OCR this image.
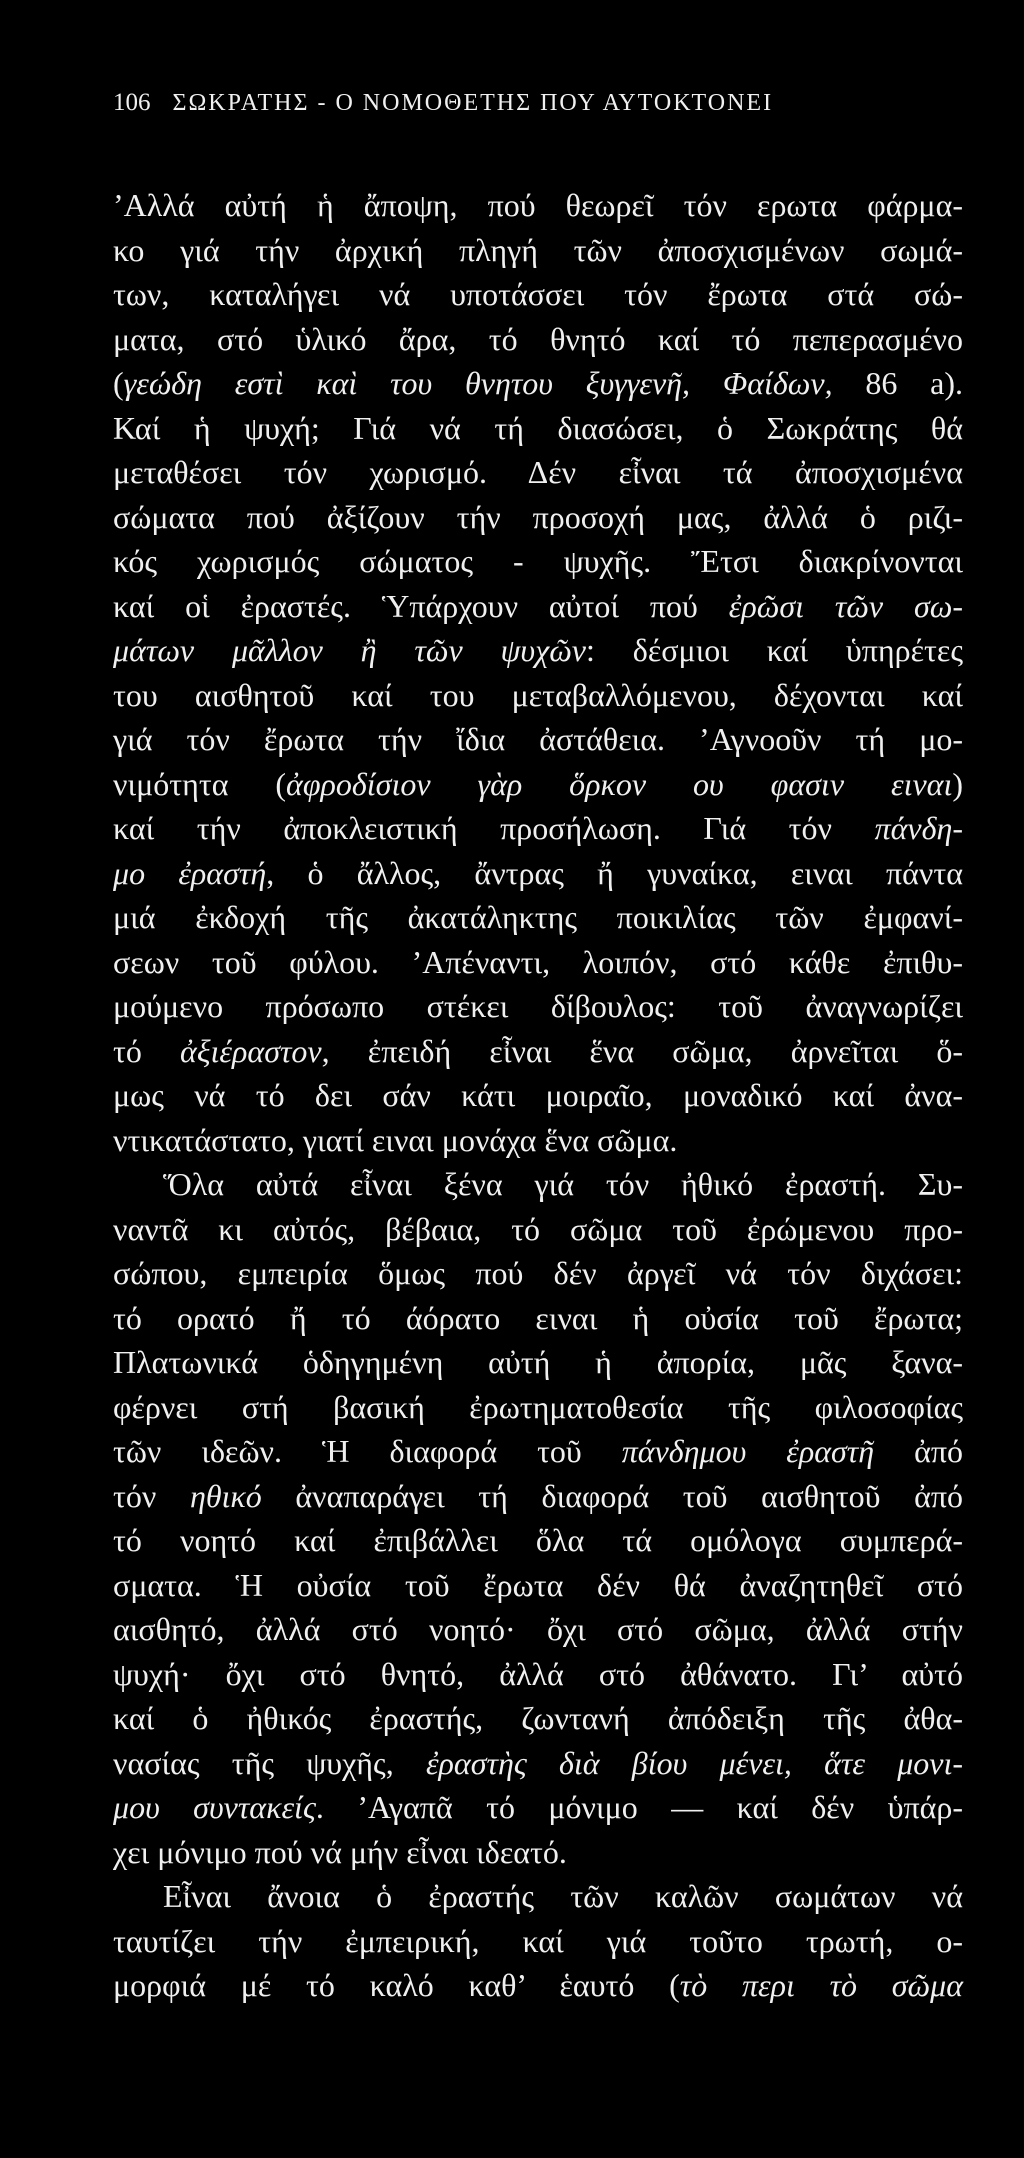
106 ΣΩΚΡΑΤΗΣ - Ο ΝΟΜΟΘΕΤΗΣ ΠΟΥ ΑΥΤΟΚΤΟΝΕΙ
’Αλλά αὐτή ἡ ἄποψη, πού θεωρεῖ τόν ερωτα φάρμα-
κο γιά τήν ἀρχική πληγή τῶν ἀποσχισμένων σωμά-
των, καταλήγει νά υποτάσσει τόν ἔρωτα στά σώ-
ματα, στό ὑλικό ἄρα, τό θνητό καί τό πεπερασμένο
(γεώδη εστὶ καὶ του θνητου ξυγγενῆ, Φαίδων, 86 a).
Καί ἡ ψυχή; Γιά νά τή διασώσει, ὁ Σωκράτης θά
μεταθέσει τόν χωρισμό. Δέν εἶναι τά ἀποσχισμένα
σώματα πού ἀξίζουν τήν προσοχή μας, ἀλλά ὁ ριζι-
κός χωρισμός σώματος - ψυχῆς. Ἔτσι διακρίνονται
καί οἱ ἐραστές. Ὑπάρχουν αὐτοί πού ἐρῶσι τῶν σω-
μάτων μᾶλλον ἢ τῶν ψυχῶν: δέσμιοι καί ὑπηρέτες
του αισθητοῦ καί του μεταβαλλόμενου, δέχονται καί
γιά τόν ἔρωτα τήν ἴδια ἀστάθεια. ’Αγνοοῦν τή μο-
νιμότητα (ἀφροδίσιον γὰρ ὅρκον ου φασιν ειναι)
καί τήν ἀποκλειστική προσήλωση. Γιά τόν πάνδη-
μο ἐραστή, ὁ ἄλλος, ἄντρας ἤ γυναίκα, ειναι πάντα
μιά ἐκδοχή τῆς ἀκατάληκτης ποικιλίας τῶν ἐμφανί-
σεων τοῦ φύλου. ’Απέναντι, λοιπόν, στό κάθε ἐπιθυ-
μούμενο πρόσωπο στέκει δίβουλος: τοῦ ἀναγνωρίζει
τό ἀξιέραστον, ἐπειδή εἶναι ἕνα σῶμα, ἀρνεῖται ὅ-
μως νά τό δει σάν κάτι μοιραῖο, μοναδικό καί ἀνα-
ντικατάστατο, γιατί ειναι μονάχα ἕνα σῶμα.
Ὅλα αὐτά εἶναι ξένα γιά τόν ἠθικό ἐραστή. Συ-
ναντᾶ κι αὐτός, βέβαια, τό σῶμα τοῦ ἐρώμενου προ-
σώπου, εμπειρία ὅμως πού δέν ἀργεῖ νά τόν διχάσει:
τό ορατό ἤ τό άόρατο ειναι ἡ οὐσία τοῦ ἔρωτα;
Πλατωνικά ὁδηγημένη αὐτή ἡ ἀπορία, μᾶς ξανα-
φέρνει στή βασική ἐρωτηματοθεσία τῆς φιλοσοφίας
τῶν ιδεῶν. Ἡ διαφορά τοῦ πάνδημου ἐραστῆ ἀπό
τόν ηθικό ἀναπαράγει τή διαφορά τοῦ αισθητοῦ ἀπό
τό νοητό καί ἐπιβάλλει ὅλα τά ομόλογα συμπερά-
σματα. Ἡ οὐσία τοῦ ἔρωτα δέν θά ἀναζητηθεῖ στό
αισθητό, ἀλλά στό νοητό· ὄχι στό σῶμα, ἀλλά στήν
ψυχή· ὄχι στό θνητό, ἀλλά στό ἀθάνατο. Γι’ αὐτό
καί ὁ ἠθικός ἐραστής, ζωντανή ἀπόδειξη τῆς ἀθα-
νασίας τῆς ψυχῆς, ἐραστὴς διὰ βίου μένει, ἅτε μονι-
μου συντακείς. ’Αγαπᾶ τό μόνιμο — καί δέν ὑπάρ-
χει μόνιμο πού νά μήν εἶναι ιδεατό.
Εἶναι ἄνοια ὁ ἐραστής τῶν καλῶν σωμάτων νά
ταυτίζει τήν ἐμπειρική, καί γιά τοῦτο τρωτή, ο-
μορφιά μέ τό καλό καθ’ ἑαυτό (τὸ περι τὸ σῶμα
